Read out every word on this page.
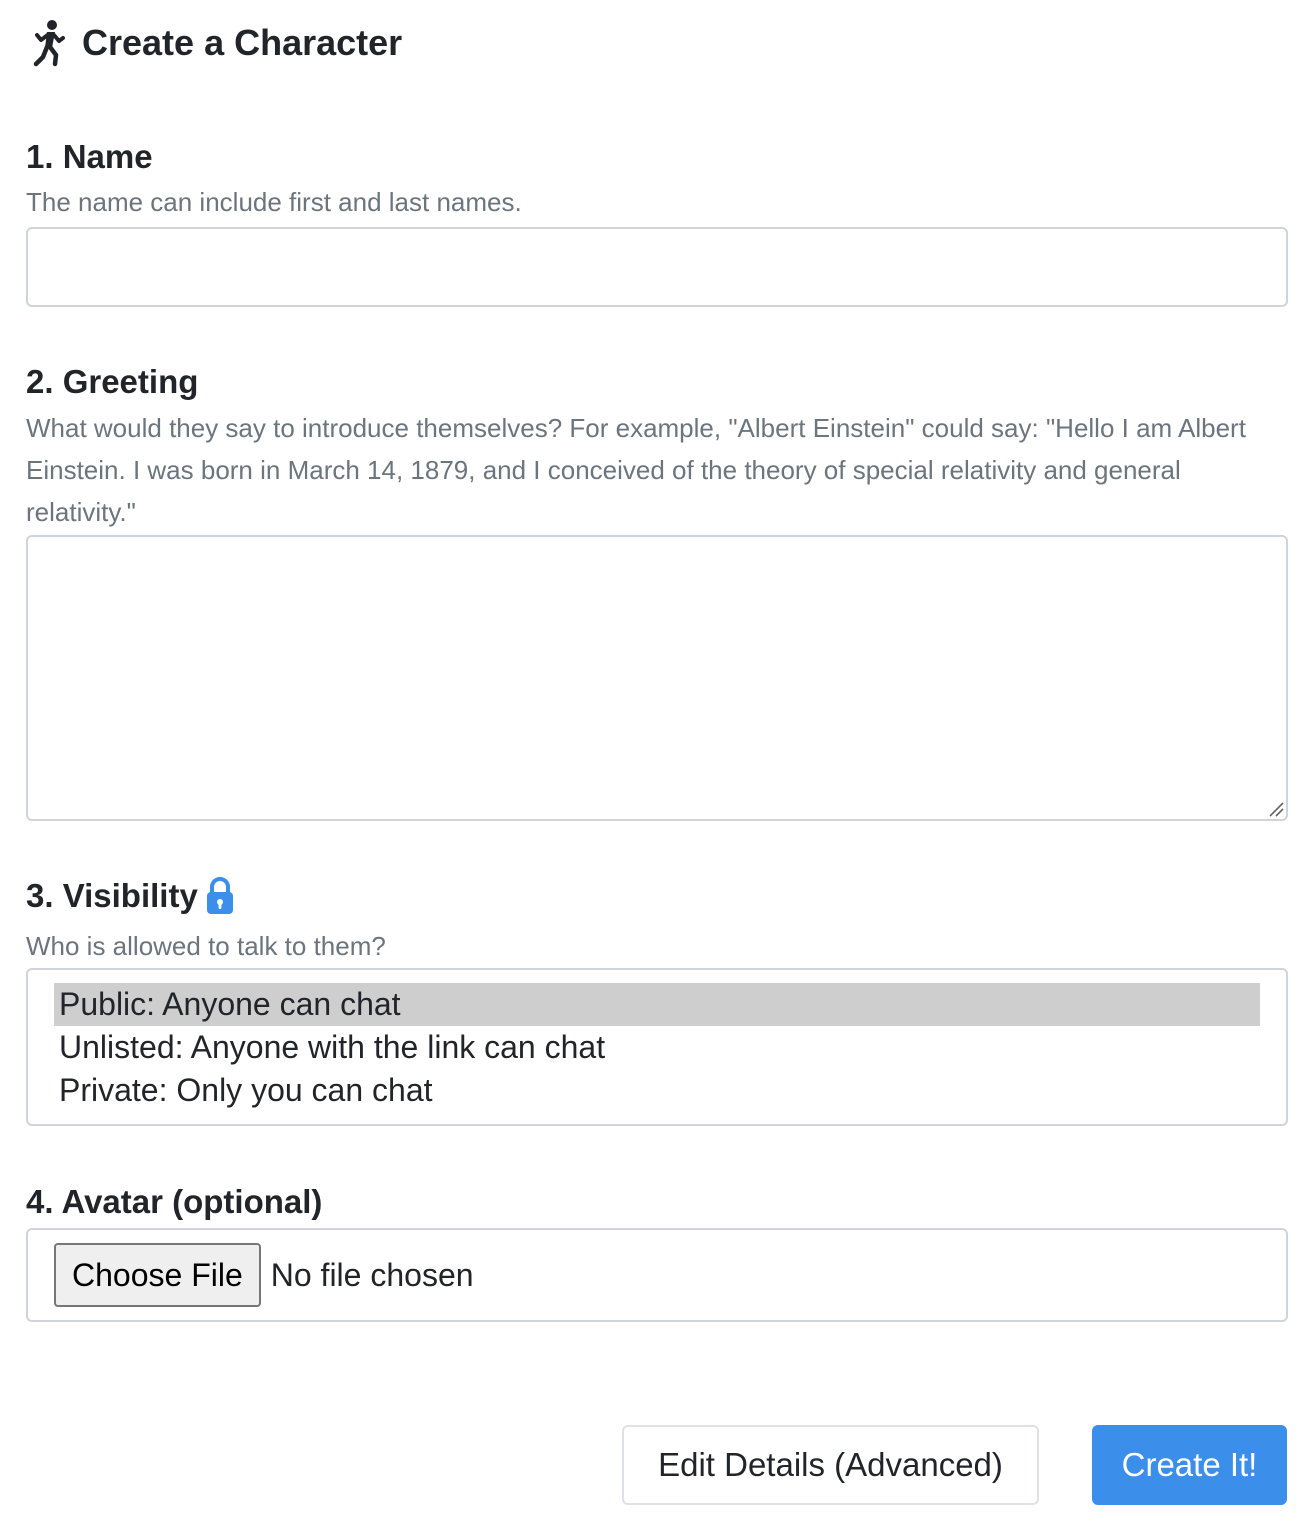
Create a Character
1. Name
The name can include first and last names.
2. Greeting
What would they say to introduce themselves? For example, "Albert Einstein" could say: "Hello I am Albert Einstein. I was born in March 14, 1879, and I conceived of the theory of special relativity and general relativity."
3. Visibility
Who is allowed to talk to them?
Public: Anyone can chat
Unlisted: Anyone with the link can chat
Private: Only you can chat
4. Avatar (optional)
Choose File No file chosen
Edit Details (Advanced)	Create It!
